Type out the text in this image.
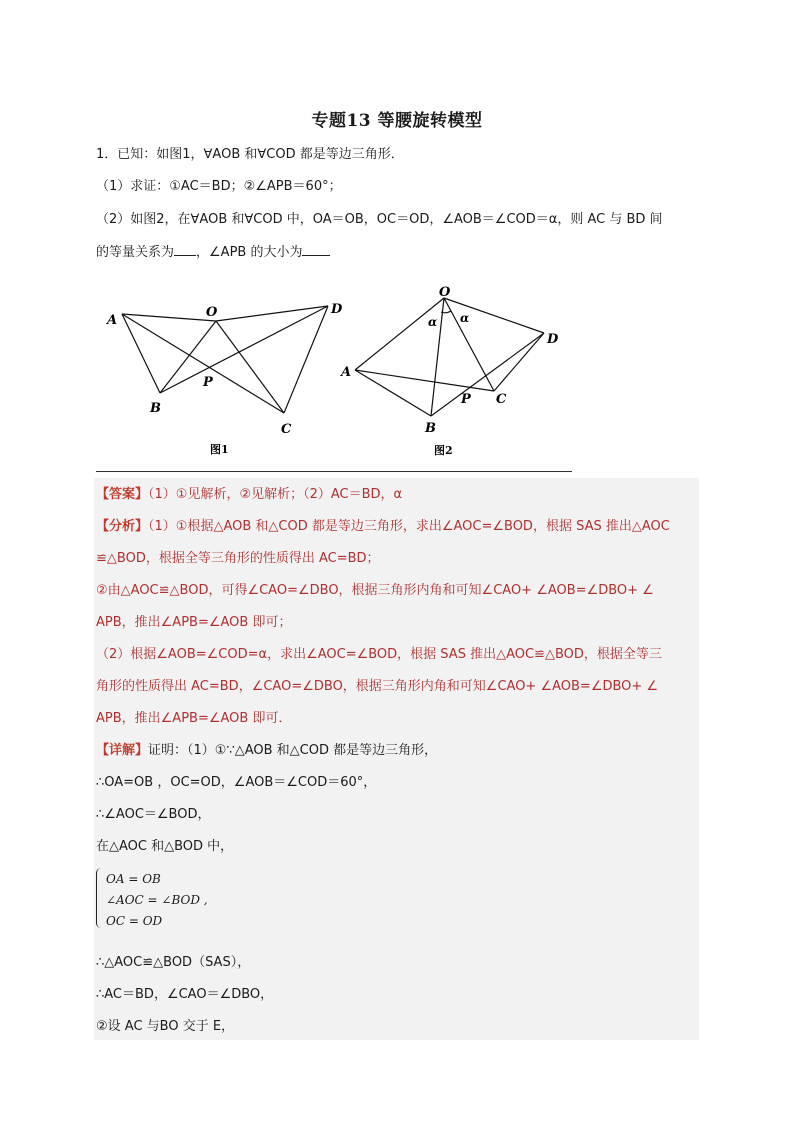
专题13 等腰旋转模型
1．已知：如图1，∀AOB 和∀COD 都是等边三角形．
（1）求证：①AC＝BD；②∠APB＝60°；
（2）如图2，在∀AOB 和∀COD 中，OA＝OB，OC＝OD，∠AOB＝∠COD＝α，则 AC 与 BD 间
的等量关系为 ，∠APB 的大小为
A
O	D
P
B
C
图1
O
α α
D
A
P C
B
图2
【答案】（1）①见解析，②见解析；（2）AC＝BD，α
【分析】（1）①根据△AOB 和△COD 都是等边三角形，求出∠AOC=∠BOD，根据 SAS 推出△AOC
≌△BOD，根据全等三角形的性质得出 AC=BD；
②由△AOC≌△BOD，可得∠CAO=∠DBO，根据三角形内角和可知∠CAO+ ∠AOB=∠DBO+ ∠
APB，推出∠APB=∠AOB 即可；
（2）根据∠AOB=∠COD=α，求出∠AOC=∠BOD，根据 SAS 推出△AOC≌△BOD，根据全等三
角形的性质得出 AC=BD，∠CAO=∠DBO，根据三角形内角和可知∠CAO+ ∠AOB=∠DBO+ ∠
APB，推出∠APB=∠AOB 即可．
【详解】证明：（1）①∵△AOB 和△COD 都是等边三角形，
∴OA=OB ，OC=OD，∠AOB＝∠COD＝60°，
∴∠AOC＝∠BOD，
在△AOC 和△BOD 中，
OA = OB
∠AOC = ∠BOD ,
OC = OD
∴△AOC≌△BOD（SAS），
∴AC＝BD，∠CAO＝∠DBO，
②设 AC 与BO 交于 E，
